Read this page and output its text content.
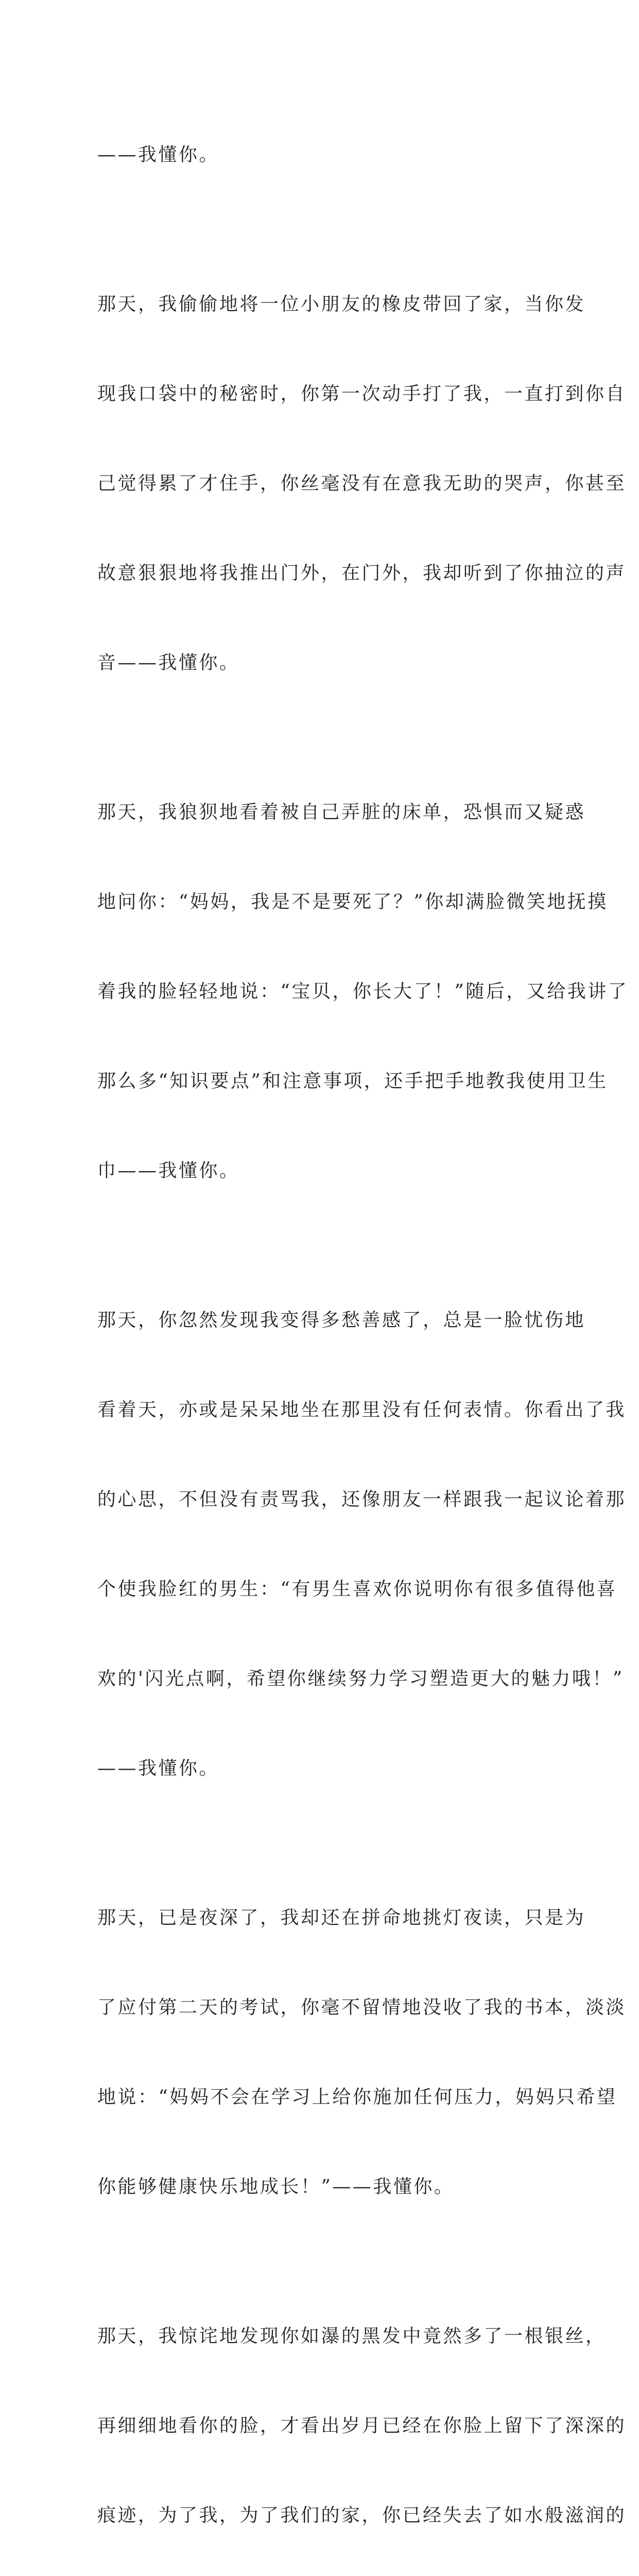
——我懂你。

那天，我偷偷地将一位小朋友的橡皮带回了家，当你发

现我口袋中的秘密时，你第一次动手打了我，一直打到你自

己觉得累了才住手，你丝毫没有在意我无助的哭声，你甚至

故意狠狠地将我推出门外，在门外，我却听到了你抽泣的声

音——我懂你。

那天，我狼狈地看着被自己弄脏的床单，恐惧而又疑惑

地问你：“妈妈，我是不是要死了？”你却满脸微笑地抚摸

着我的脸轻轻地说：“宝贝，你长大了！”随后，又给我讲了

那么多“知识要点”和注意事项，还手把手地教我使用卫生

巾——我懂你。

那天，你忽然发现我变得多愁善感了，总是一脸忧伤地

看着天，亦或是呆呆地坐在那里没有任何表情。你看出了我

的心思，不但没有责骂我，还像朋友一样跟我一起议论着那

个使我脸红的男生：“有男生喜欢你说明你有很多值得他喜

欢的'闪光点啊，希望你继续努力学习塑造更大的魅力哦！”

——我懂你。

那天，已是夜深了，我却还在拼命地挑灯夜读，只是为

了应付第二天的考试，你毫不留情地没收了我的书本，淡淡

地说：“妈妈不会在学习上给你施加任何压力，妈妈只希望

你能够健康快乐地成长！”——我懂你。

那天，我惊诧地发现你如瀑的黑发中竟然多了一根银丝，

再细细地看你的脸，才看出岁月已经在你脸上留下了深深的

痕迹，为了我，为了我们的家，你已经失去了如水般滋润的
